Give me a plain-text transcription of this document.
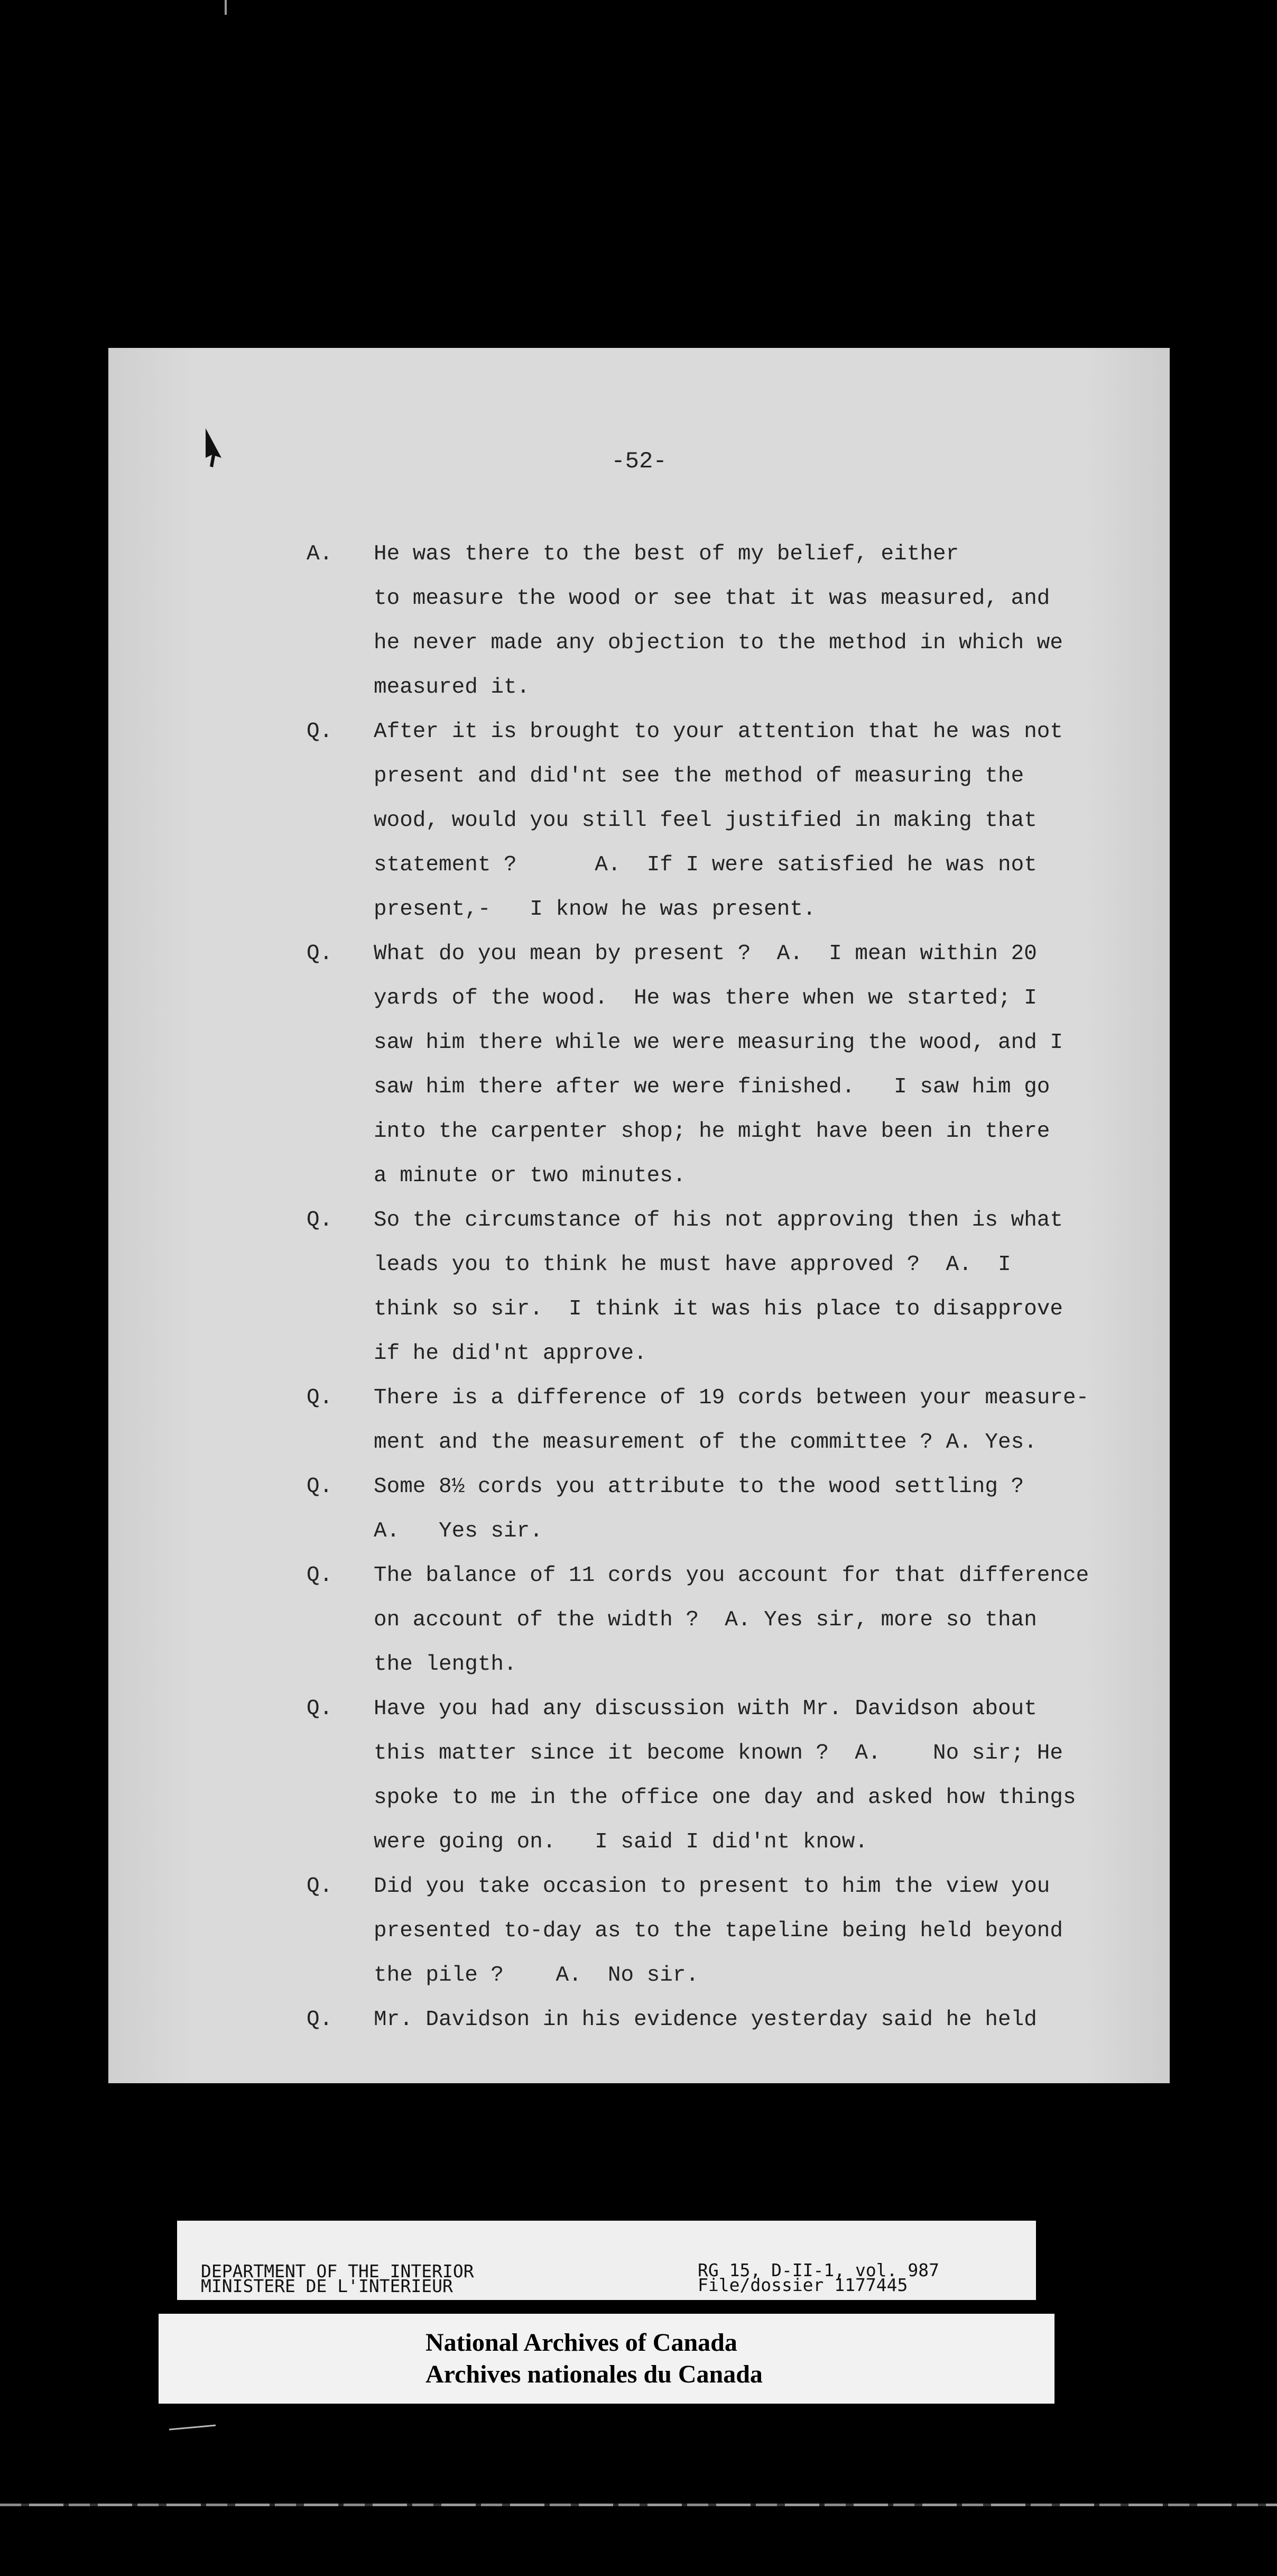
-52-
A. He was there to the best of my belief, either
to measure the wood or see that it was measured, and
he never made any objection to the method in which we
measured it.
Q. After it is brought to your attention that he was not
present and did'nt see the method of measuring the
wood, would you still feel justified in making that
statement ?      A.  If I were satisfied he was not
present,-   I know he was present.
Q. What do you mean by present ?  A.  I mean within 20
yards of the wood.  He was there when we started; I
saw him there while we were measuring the wood, and I
saw him there after we were finished.   I saw him go
into the carpenter shop; he might have been in there
a minute or two minutes.
Q. So the circumstance of his not approving then is what
leads you to think he must have approved ?  A.  I
think so sir.  I think it was his place to disapprove
if he did'nt approve.
Q. There is a difference of 19 cords between your measure-
ment and the measurement of the committee ? A. Yes.
Q. Some 8½ cords you attribute to the wood settling ?
A.   Yes sir.
Q. The balance of 11 cords you account for that difference
on account of the width ?  A. Yes sir, more so than
the length.
Q. Have you had any discussion with Mr. Davidson about
this matter since it become known ?  A.    No sir; He
spoke to me in the office one day and asked how things
were going on.   I said I did'nt know.
Q. Did you take occasion to present to him the view you
presented to-day as to the tapeline being held beyond
the pile ?    A.  No sir.
Q. Mr. Davidson in his evidence yesterday said he held
DEPARTMENT OF THE INTERIOR
MINISTERE DE L'INTERIEUR
RG 15, D-II-1, vol. 987
File/dossier 1177445
National Archives of Canada
Archives nationales du Canada
